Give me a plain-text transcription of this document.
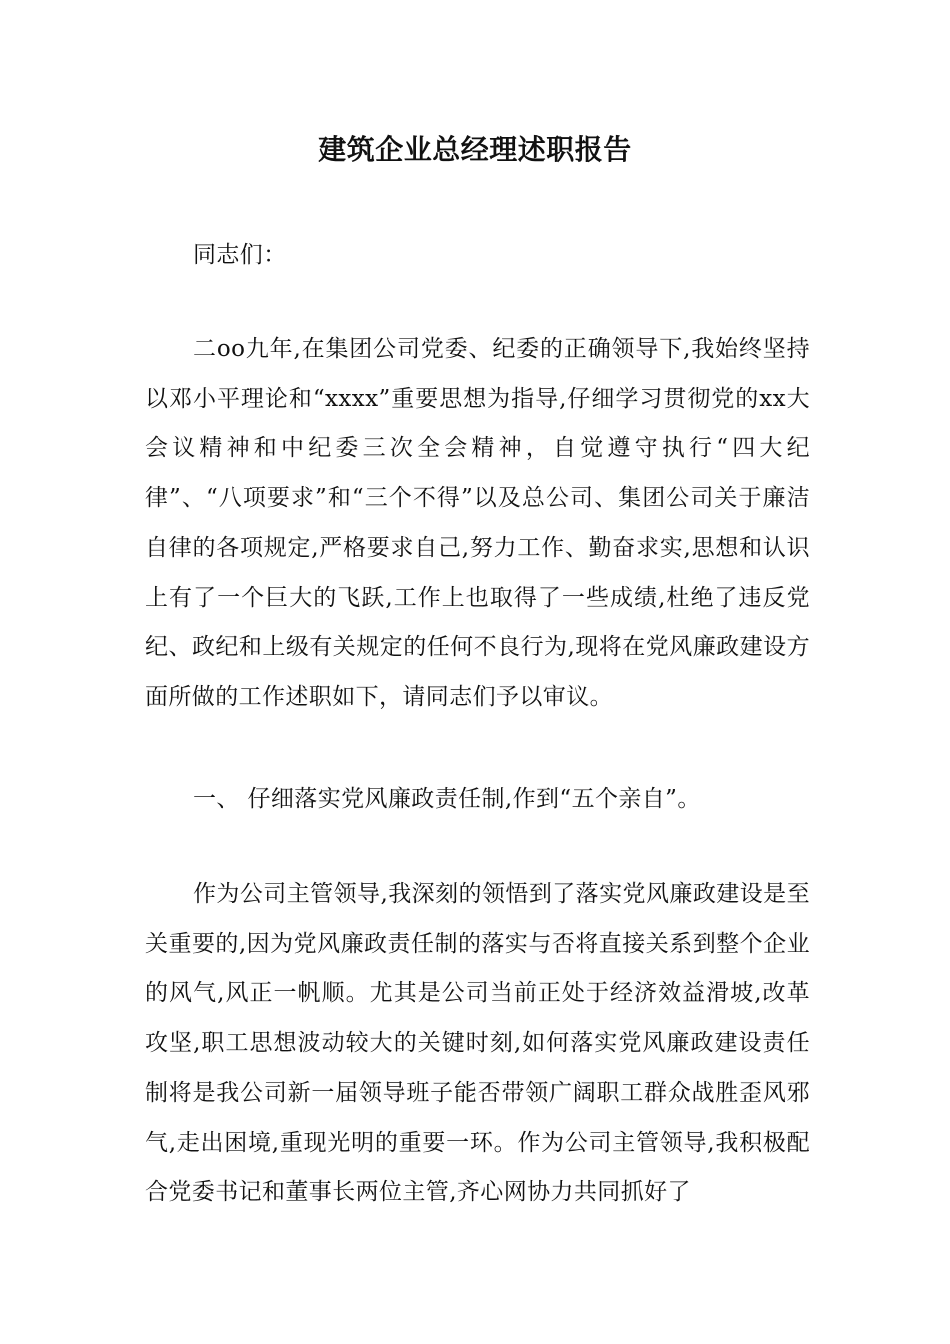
建筑企业总经理述职报告

同志们：

二oo九年,在集团公司党委、纪委的正确领导下,我始终坚持以邓小平理论和“xxxx”重要思想为指导,仔细学习贯彻党的xx大会议精神和中纪委三次全会精神，自觉遵守执行“四大纪律”、“八项要求”和“三个不得”以及总公司、集团公司关于廉洁自律的各项规定,严格要求自己,努力工作、勤奋求实,思想和认识上有了一个巨大的飞跃,工作上也取得了一些成绩,杜绝了违反党纪、政纪和上级有关规定的任何不良行为,现将在党风廉政建设方面所做的工作述职如下，请同志们予以审议。

一、 仔细落实党风廉政责任制,作到“五个亲自”。

作为公司主管领导,我深刻的领悟到了落实党风廉政建设是至关重要的,因为党风廉政责任制的落实与否将直接关系到整个企业的风气,风正一帆顺。尤其是公司当前正处于经济效益滑坡,改革攻坚,职工思想波动较大的关键时刻,如何落实党风廉政建设责任制将是我公司新一届领导班子能否带领广阔职工群众战胜歪风邪气,走出困境,重现光明的重要一环。作为公司主管领导,我积极配合党委书记和董事长两位主管,齐心网协力共同抓好了
